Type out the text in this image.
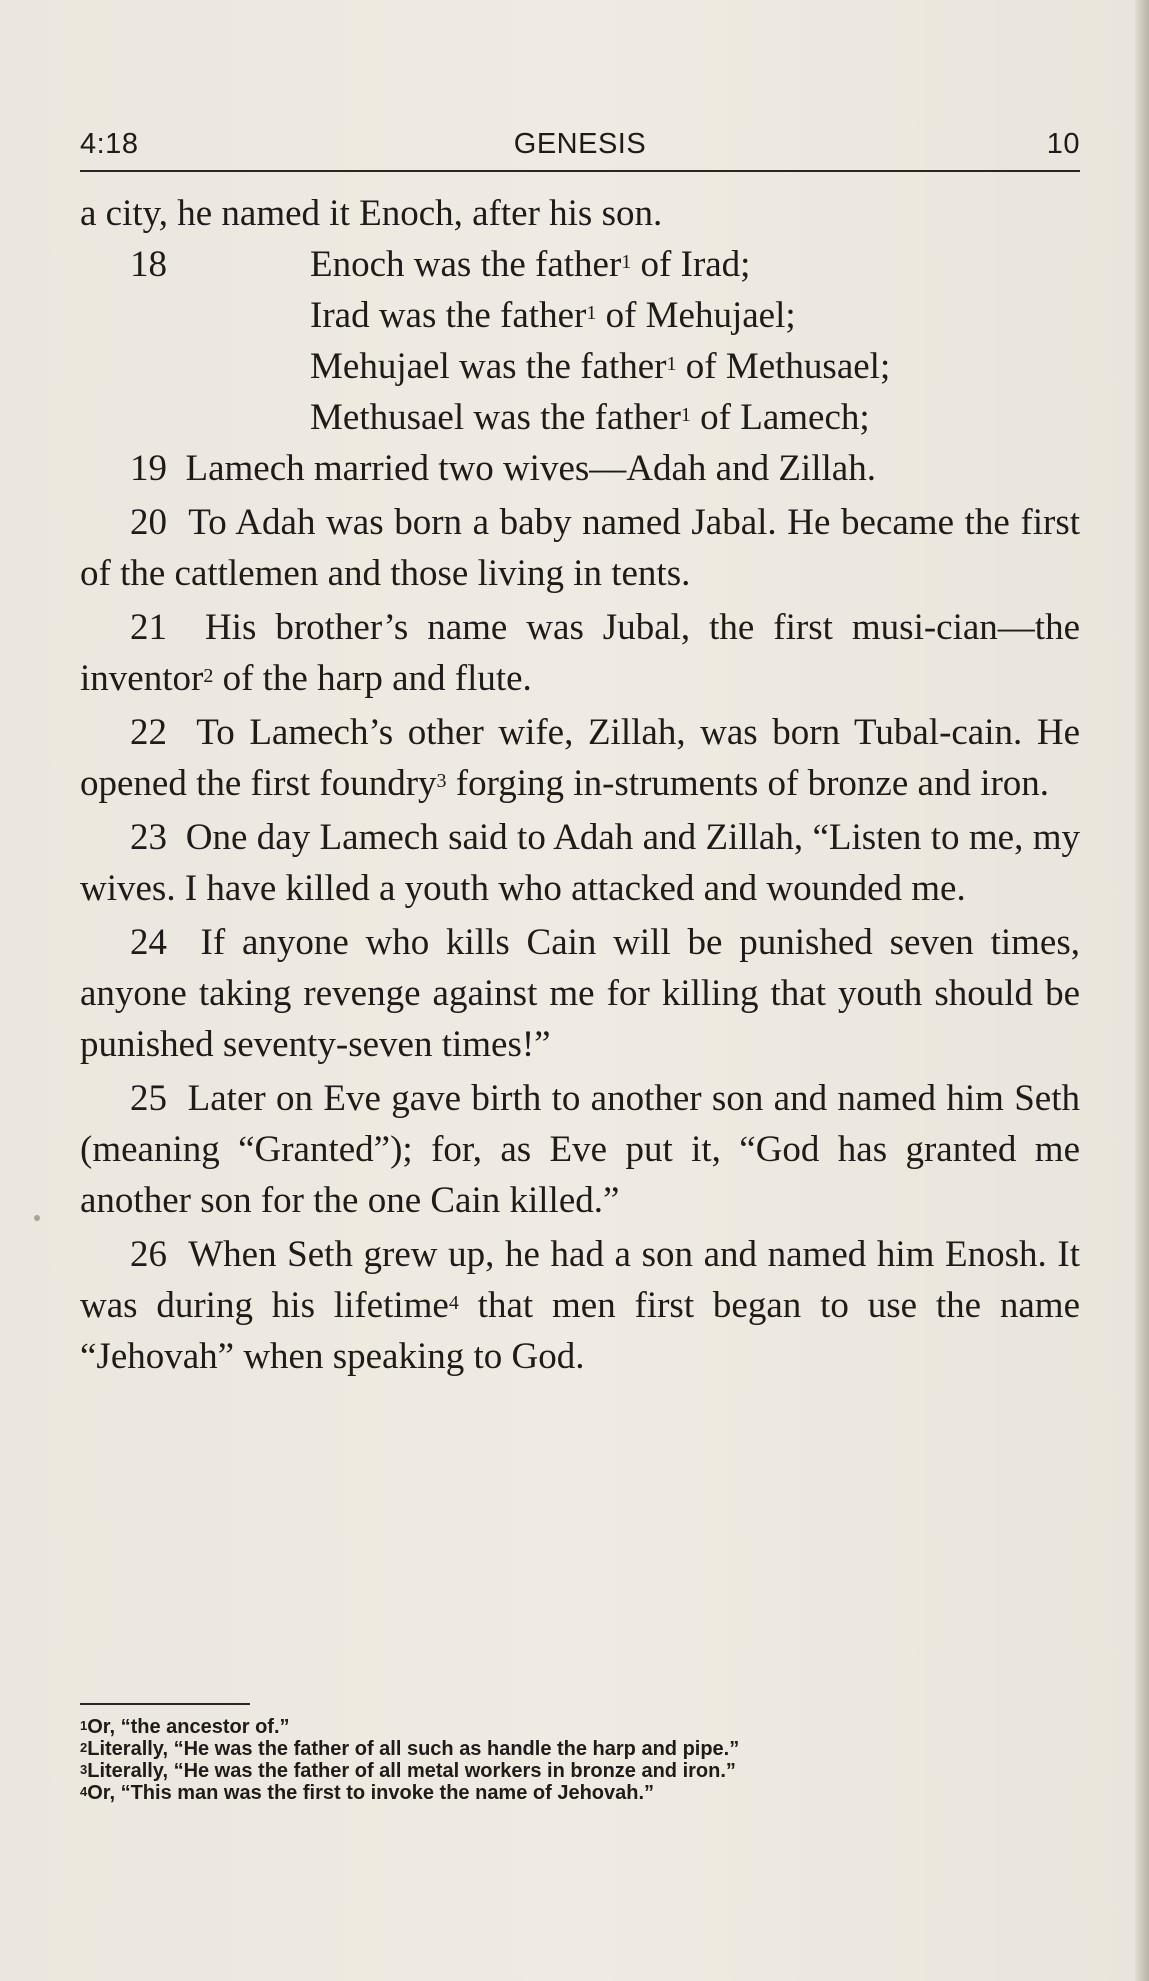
4:18	GENESIS	10

a city, he named it Enoch, after his son.

18	Enoch was the father$^1$ of Irad;
Irad was the father$^1$ of Mehujael;
Mehujael was the father$^1$ of Methusael;
Methusael was the father$^1$ of Lamech;

19 Lamech married two wives—Adah and Zillah.

20 To Adah was born a baby named Jabal. He became the first of the cattlemen and those living in tents.

21 His brother’s name was Jubal, the first musi-cian—the inventor$^2$ of the harp and flute.

22 To Lamech’s other wife, Zillah, was born Tubal-cain. He opened the first foundry$^3$ forging in-struments of bronze and iron.

23 One day Lamech said to Adah and Zillah, “Listen to me, my wives. I have killed a youth who attacked and wounded me.

24 If anyone who kills Cain will be punished seven times, anyone taking revenge against me for killing that youth should be punished seventy-seven times!”

25 Later on Eve gave birth to another son and named him Seth (meaning “Granted”); for, as Eve put it, “God has granted me another son for the one Cain killed.”

26 When Seth grew up, he had a son and named him Enosh. It was during his lifetime$^4$ that men first began to use the name “Jehovah” when speaking to God.

$^1$Or, “the ancestor of.”
$^2$Literally, “He was the father of all such as handle the harp and pipe.”
$^3$Literally, “He was the father of all metal workers in bronze and iron.”
$^4$Or, “This man was the first to invoke the name of Jehovah.”
